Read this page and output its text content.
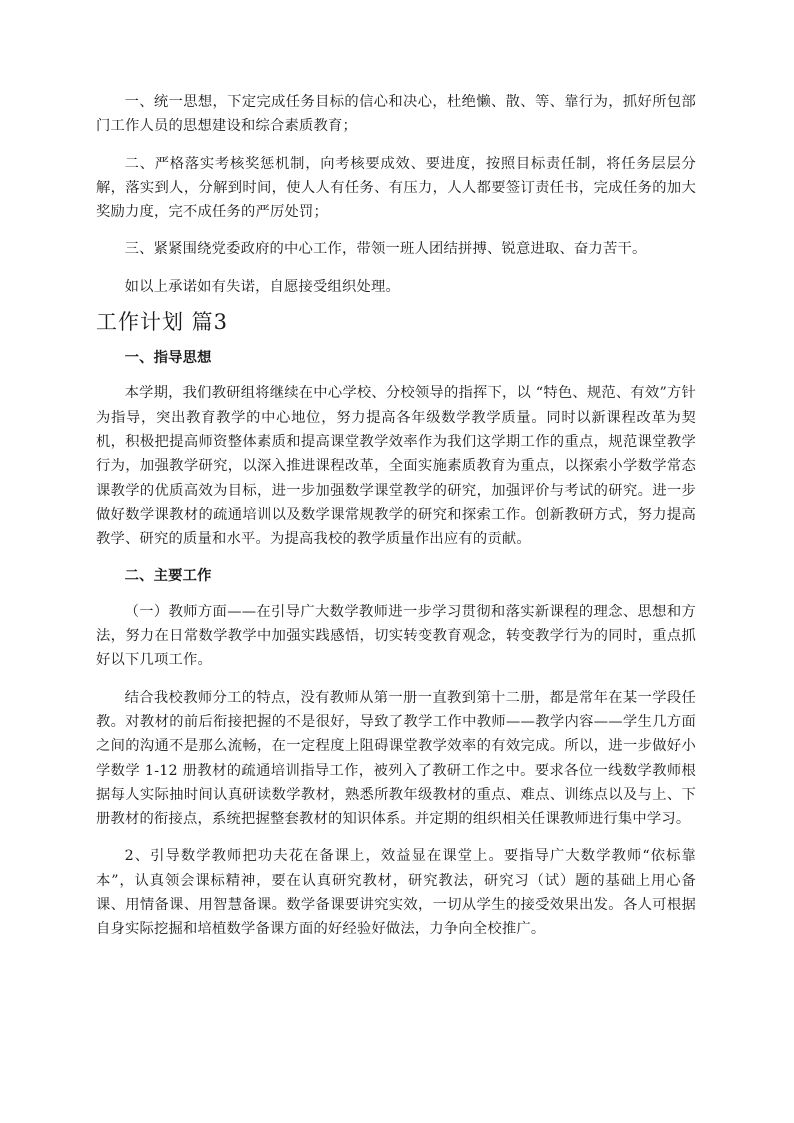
一、统一思想，下定完成任务目标的信心和决心，杜绝懒、散、等、靠行为，抓好所包部门工作人员的思想建设和综合素质教育；

二、严格落实考核奖惩机制，向考核要成效、要进度，按照目标责任制，将任务层层分解，落实到人，分解到时间，使人人有任务、有压力，人人都要签订责任书，完成任务的加大奖励力度，完不成任务的严厉处罚；

三、紧紧围绕党委政府的中心工作，带领一班人团结拼搏、锐意进取、奋力苦干。

如以上承诺如有失诺，自愿接受组织处理。

工作计划 篇3

一、指导思想

本学期，我们教研组将继续在中心学校、分校领导的指挥下，以 “特色、规范、有效”方针为指导，突出教育教学的中心地位，努力提高各年级数学教学质量。同时以新课程改革为契机，积极把提高师资整体素质和提高课堂教学效率作为我们这学期工作的重点，规范课堂教学行为，加强教学研究，以深入推进课程改革，全面实施素质教育为重点，以探索小学数学常态课教学的优质高效为目标，进一步加强数学课堂教学的研究，加强评价与考试的研究。进一步做好数学课教材的疏通培训以及数学课常规教学的研究和探索工作。创新教研方式，努力提高教学、研究的质量和水平。为提高我校的教学质量作出应有的贡献。

二、主要工作

（一）教师方面——在引导广大数学教师进一步学习贯彻和落实新课程的理念、思想和方法，努力在日常数学教学中加强实践感悟，切实转变教育观念，转变教学行为的同时，重点抓好以下几项工作。

结合我校教师分工的特点，没有教师从第一册一直教到第十二册，都是常年在某一学段任教。对教材的前后衔接把握的不是很好，导致了教学工作中教师——教学内容——学生几方面之间的沟通不是那么流畅，在一定程度上阻碍课堂教学效率的有效完成。所以，进一步做好小学数学 1-12 册教材的疏通培训指导工作，被列入了教研工作之中。要求各位一线数学教师根据每人实际抽时间认真研读数学教材，熟悉所教年级教材的重点、难点、训练点以及与上、下册教材的衔接点，系统把握整套教材的知识体系。并定期的组织相关任课教师进行集中学习。

2、引导数学教师把功夫花在备课上，效益显在课堂上。要指导广大数学教师“依标靠本”，认真领会课标精神，要在认真研究教材，研究教法，研究习（试）题的基础上用心备课、用情备课、用智慧备课。数学备课要讲究实效，一切从学生的接受效果出发。各人可根据自身实际挖掘和培植数学备课方面的好经验好做法，力争向全校推广。
